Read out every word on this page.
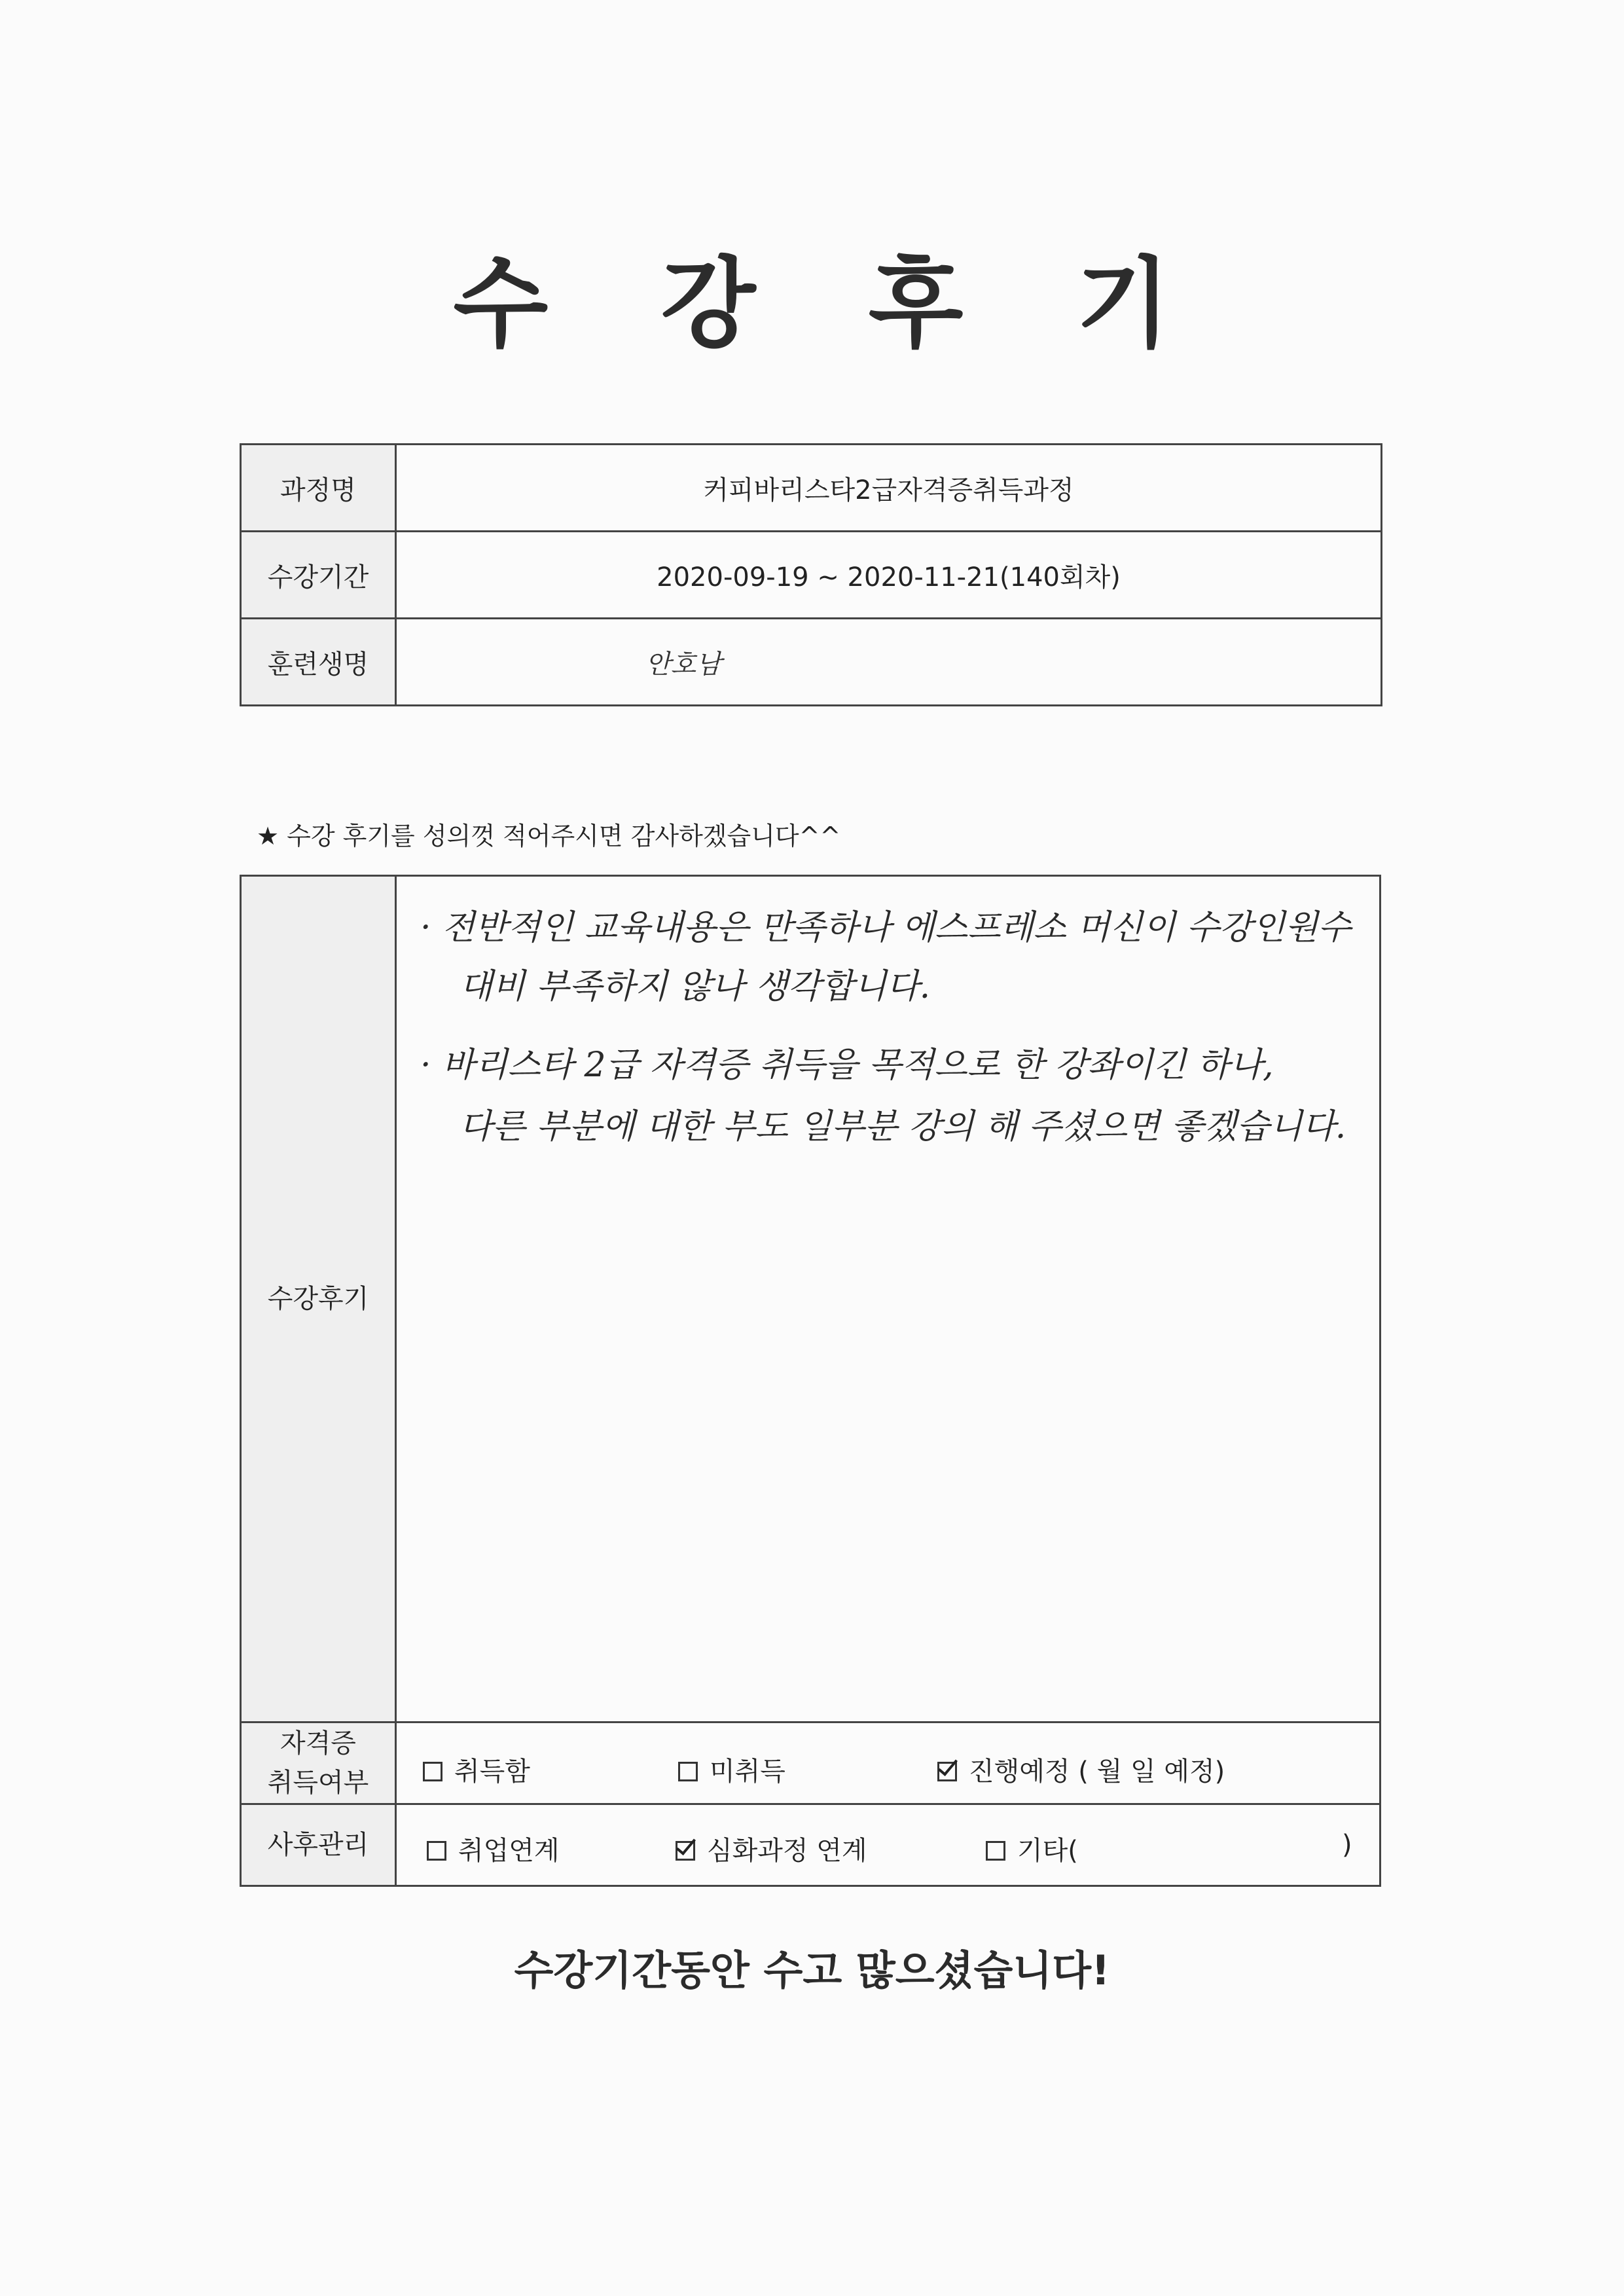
수 강 후 기
과정명	커피바리스타2급자격증취득과정
수강기간	2020-09-19 ~ 2020-11-21(140회차)
훈련생명	안호남
★ 수강 후기를 성의껏 적어주시면 감사하겠습니다^^
수강후기	· 전반적인 교육내용은 만족하나 에스프레소 머신이 수강인원수
대비 부족하지 않나 생각합니다.
· 바리스타 2급 자격증 취득을 목적으로 한 강좌이긴 하나,
다른 부분에 대한 부도 일부분 강의 해 주셨으면 좋겠습니다.

자격증
취득여부	취득함 미취득 진행예정 ( 월 일 예정)

사후관리	취업연계 심화과정 연계 기타( )
수강기간동안 수고 많으셨습니다!
